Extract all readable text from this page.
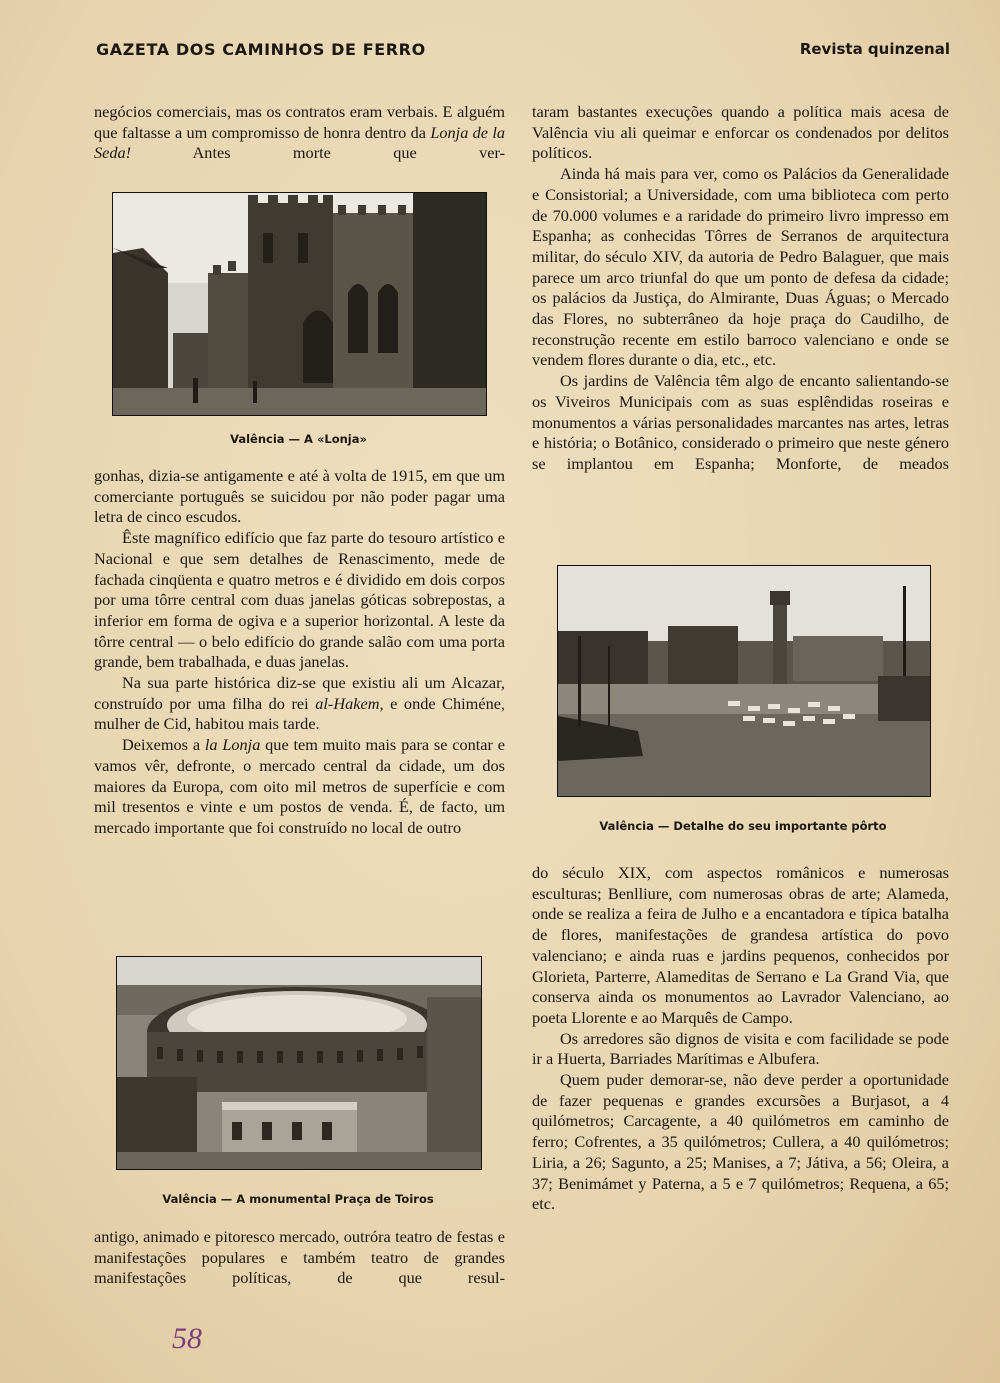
GAZETA DOS CAMINHOS DE FERRO	Revista quinzenal

negócios comerciais, mas os contratos eram verbais. E alguém que faltasse a um compromisso de honra dentro da Lonja de la Seda! Antes morte que ver-

Valência — A «Lonja»

gonhas, dizia-se antigamente e até à volta de 1915, em que um comerciante português se suicidou por não poder pagar uma letra de cinco escudos.

Êste magnífico edifício que faz parte do tesouro artístico e Nacional e que sem detalhes de Renascimento, mede de fachada cinqüenta e quatro metros e é dividido em dois corpos por uma tôrre central com duas janelas góticas sobrepostas, a inferior em forma de ogiva e a superior horizontal. A leste da tôrre central — o belo edifício do grande salão com uma porta grande, bem trabalhada, e duas janelas.

Na sua parte histórica diz-se que existiu ali um Alcazar, construído por uma filha do rei al-Hakem, e onde Chiméne, mulher de Cid, habitou mais tarde.

Deixemos a la Lonja que tem muito mais para se contar e vamos vêr, defronte, o mercado central da cidade, um dos maiores da Europa, com oito mil metros de superfície e com mil tresentos e vinte e um postos de venda. É, de facto, um mercado importante que foi construído no local de outro

Valência — A monumental Praça de Toiros

antigo, animado e pitoresco mercado, outróra teatro de festas e manifestações populares e também teatro de grandes manifestações políticas, de que resul-

taram bastantes execuções quando a política mais acesa de Valência viu ali queimar e enforcar os condenados por delitos políticos.

Ainda há mais para ver, como os Palácios da Generalidade e Consistorial; a Universidade, com uma biblioteca com perto de 70.000 volumes e a raridade do primeiro livro impresso em Espanha; as conhecidas Tôrres de Serranos de arquitectura militar, do século XIV, da autoria de Pedro Balaguer, que mais parece um arco triunfal do que um ponto de defesa da cidade; os palácios da Justiça, do Almirante, Duas Águas; o Mercado das Flores, no subterrâneo da hoje praça do Caudilho, de reconstrução recente em estilo barroco valenciano e onde se vendem flores durante o dia, etc., etc.

Os jardins de Valência têm algo de encanto salientando-se os Viveiros Municipais com as suas esplêndidas roseiras e monumentos a várias personalidades marcantes nas artes, letras e história; o Botânico, considerado o primeiro que neste género se implantou em Espanha; Monforte, de meados

Valência — Detalhe do seu importante pôrto

do século XIX, com aspectos românicos e numerosas esculturas; Benlliure, com numerosas obras de arte; Alameda, onde se realiza a feira de Julho e a encantadora e típica batalha de flores, manifestações de grandesa artística do povo valenciano; e ainda ruas e jardins pequenos, conhecidos por Glorieta, Parterre, Alameditas de Serrano e La Grand Via, que conserva ainda os monumentos ao Lavrador Valenciano, ao poeta Llorente e ao Marquês de Campo.

Os arredores são dignos de visita e com facilidade se pode ir a Huerta, Barriades Marítimas e Albufera.

Quem puder demorar-se, não deve perder a oportunidade de fazer pequenas e grandes excursões a Burjasot, a 4 quilómetros; Carcagente, a 40 quilómetros em caminho de ferro; Cofrentes, a 35 quilómetros; Cullera, a 40 quilómetros; Liria, a 26; Sagunto, a 25; Manises, a 7; Játiva, a 56; Oleira, a 37; Benimámet y Paterna, a 5 e 7 quilómetros; Requena, a 65; etc.

58
